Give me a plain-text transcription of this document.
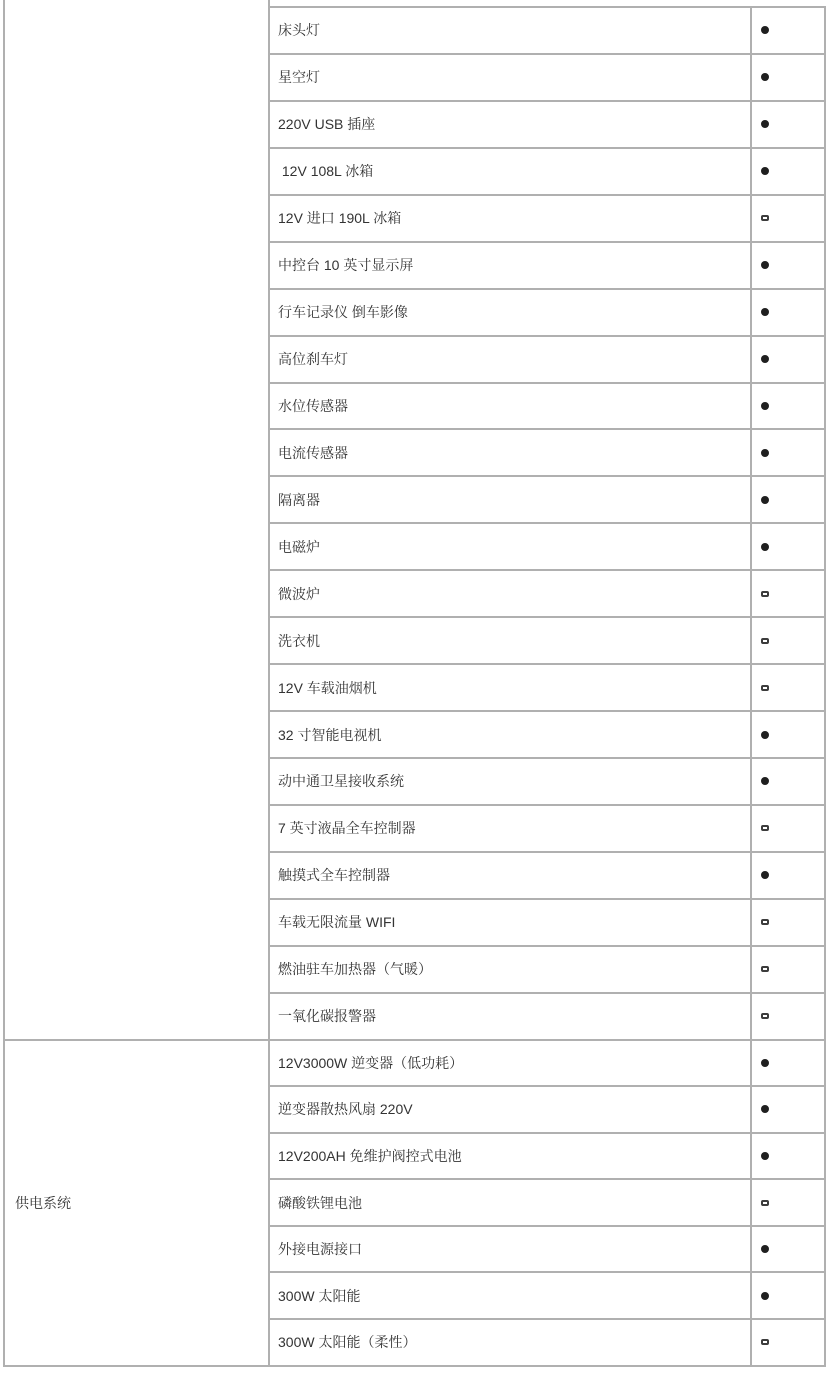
供电系统
床头灯
星空灯
220V USB 插座
12V 108L 冰箱
12V 进口 190L 冰箱
中控台 10 英寸显示屏
行车记录仪 倒车影像
高位刹车灯
水位传感器
电流传感器
隔离器
电磁炉
微波炉
洗衣机
12V 车载油烟机
32 寸智能电视机
动中通卫星接收系统
7 英寸液晶全车控制器
触摸式全车控制器
车载无限流量 WIFI
燃油驻车加热器（气暖）
一氧化碳报警器
12V3000W 逆变器（低功耗）
逆变器散热风扇 220V
12V200AH 免维护阀控式电池
磷酸铁锂电池
外接电源接口
300W 太阳能
300W 太阳能（柔性）
